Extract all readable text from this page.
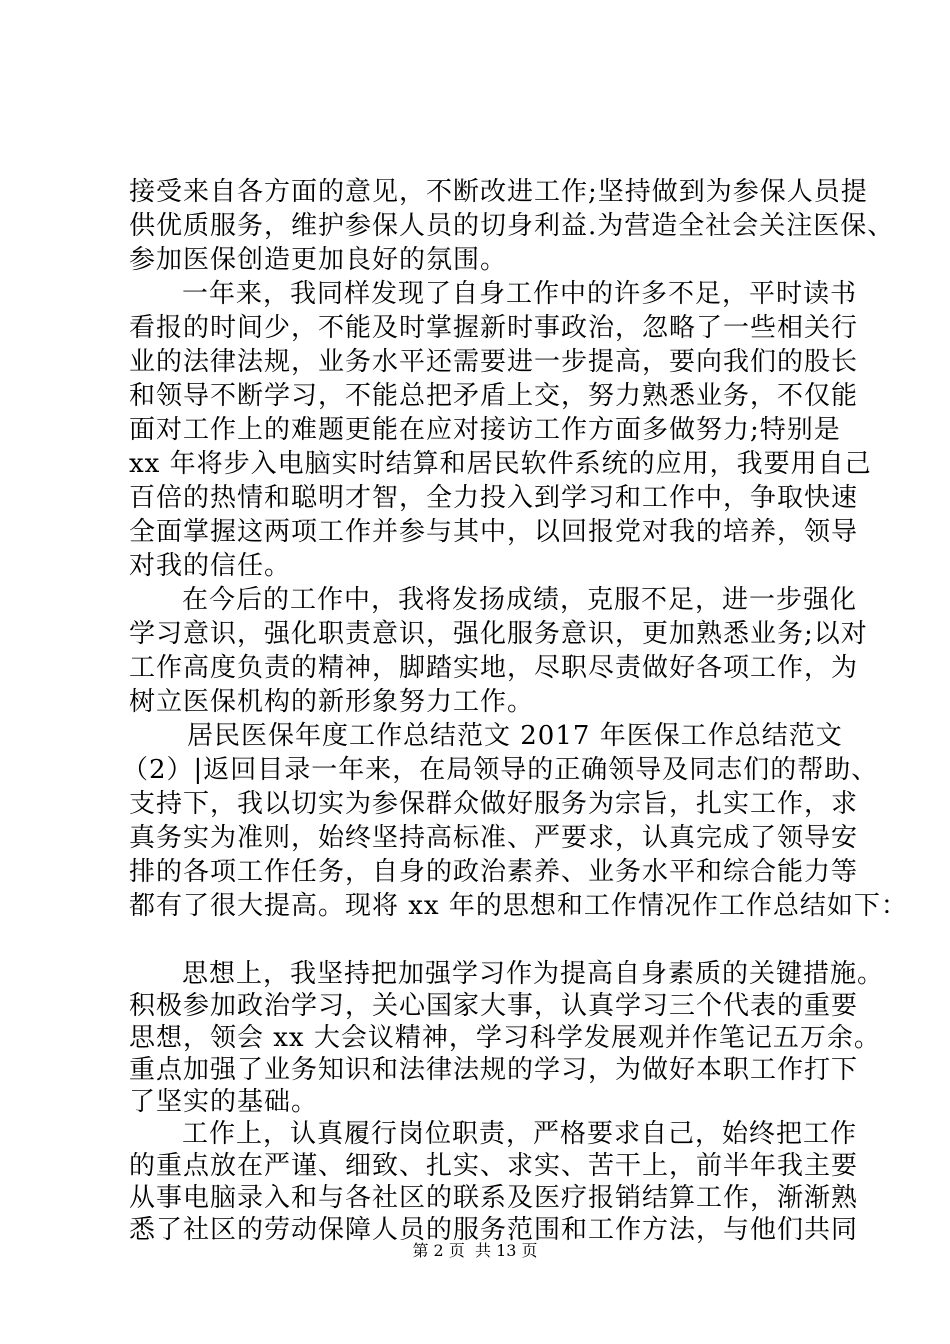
接受来自各方面的意见，不断改进工作;坚持做到为参保人员提
供优质服务，维护参保人员的切身利益.为营造全社会关注医保、
参加医保创造更加良好的氛围。
一年来，我同样发现了自身工作中的许多不足，平时读书
看报的时间少，不能及时掌握新时事政治，忽略了一些相关行
业的法律法规，业务水平还需要进一步提高，要向我们的股长
和领导不断学习，不能总把矛盾上交，努力熟悉业务，不仅能
面对工作上的难题更能在应对接访工作方面多做努力;特别是
xx 年将步入电脑实时结算和居民软件系统的应用，我要用自己
百倍的热情和聪明才智，全力投入到学习和工作中，争取快速
全面掌握这两项工作并参与其中，以回报党对我的培养，领导
对我的信任。
在今后的工作中，我将发扬成绩，克服不足，进一步强化
学习意识，强化职责意识，强化服务意识，更加熟悉业务;以对
工作高度负责的精神，脚踏实地，尽职尽责做好各项工作，为
树立医保机构的新形象努力工作。
居民医保年度工作总结范文 2017 年医保工作总结范文
（2）|返回目录一年来，在局领导的正确领导及同志们的帮助、
支持下，我以切实为参保群众做好服务为宗旨，扎实工作，求
真务实为准则，始终坚持高标准、严要求，认真完成了领导安
排的各项工作任务，自身的政治素养、业务水平和综合能力等
都有了很大提高。现将 xx 年的思想和工作情况作工作总结如下：
思想上，我坚持把加强学习作为提高自身素质的关键措施。
积极参加政治学习，关心国家大事，认真学习三个代表的重要
思想，领会 xx 大会议精神，学习科学发展观并作笔记五万余。
重点加强了业务知识和法律法规的学习，为做好本职工作打下
了坚实的基础。
工作上，认真履行岗位职责，严格要求自己，始终把工作
的重点放在严谨、细致、扎实、求实、苦干上，前半年我主要
从事电脑录入和与各社区的联系及医疗报销结算工作，渐渐熟
悉了社区的劳动保障人员的服务范围和工作方法，与他们共同
第 2 页  共 13 页
